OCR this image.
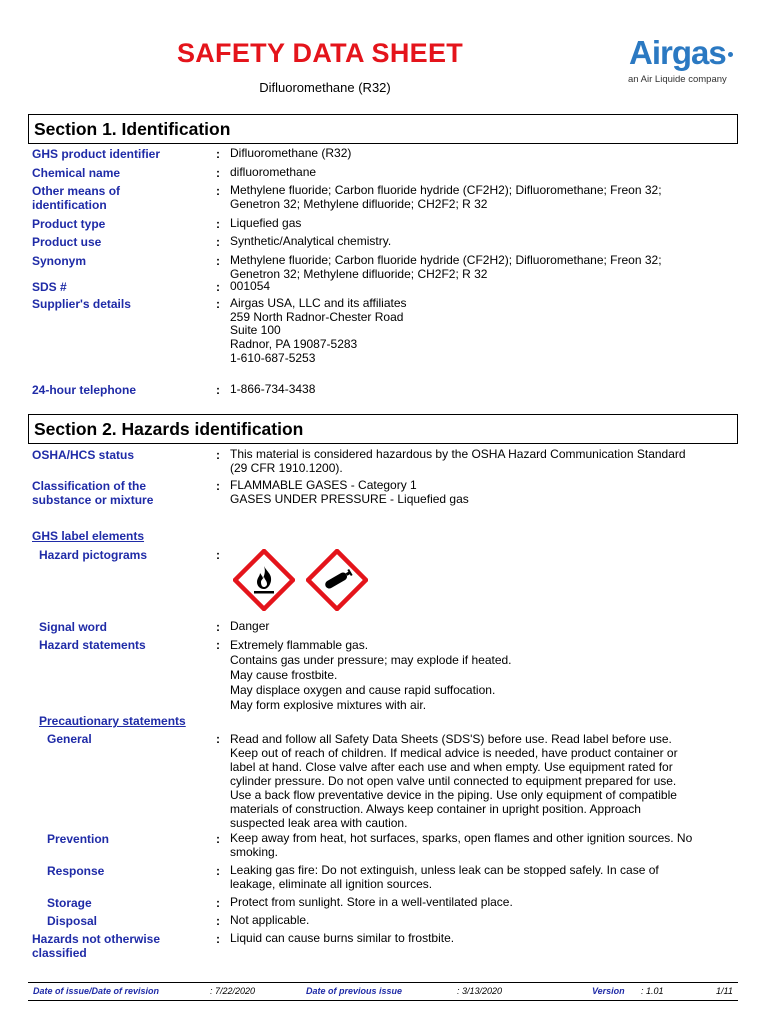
SAFETY DATA SHEET
Difluoromethane (R32)
Airgas
an Air Liquide company
Section 1. Identification
GHS product identifier	: Difluoromethane (R32)
Chemical name	: difluoromethane
Other means of
identification
: Methylene fluoride; Carbon fluoride hydride (CF2H2); Difluoromethane; Freon 32;
Genetron 32; Methylene difluoride; CH2F2; R 32
Product type	: Liquefied gas
Product use	: Synthetic/Analytical chemistry.
Synonym	: Methylene fluoride; Carbon fluoride hydride (CF2H2); Difluoromethane; Freon 32;
Genetron 32; Methylene difluoride; CH2F2; R 32
SDS #	: 001054
Supplier's details	: Airgas USA, LLC and its affiliates
259 North Radnor-Chester Road
Suite 100
Radnor, PA 19087-5283
1-610-687-5253
24-hour telephone	: 1-866-734-3438
Section 2. Hazards identification
OSHA/HCS status	: This material is considered hazardous by the OSHA Hazard Communication Standard
(29 CFR 1910.1200).
Classification of the
substance or mixture
: FLAMMABLE GASES - Category 1
GASES UNDER PRESSURE - Liquefied gas
GHS label elements
Hazard pictograms	:
Signal word	: Danger
Hazard statements	: Extremely flammable gas.
Contains gas under pressure; may explode if heated.
May cause frostbite.
May displace oxygen and cause rapid suffocation.
May form explosive mixtures with air.
Precautionary statements
General	: Read and follow all Safety Data Sheets (SDS'S) before use. Read label before use.
Keep out of reach of children. If medical advice is needed, have product container or
label at hand. Close valve after each use and when empty. Use equipment rated for
cylinder pressure. Do not open valve until connected to equipment prepared for use.
Use a back flow preventative device in the piping. Use only equipment of compatible
materials of construction. Always keep container in upright position. Approach
suspected leak area with caution.
Prevention	: Keep away from heat, hot surfaces, sparks, open flames and other ignition sources. No
smoking.
Response	: Leaking gas fire: Do not extinguish, unless leak can be stopped safely. In case of
leakage, eliminate all ignition sources.
Storage	: Protect from sunlight. Store in a well-ventilated place.
Disposal	: Not applicable.
Hazards not otherwise
classified
: Liquid can cause burns similar to frostbite.
Date of issue/Date of revision	: 7/22/2020	Date of previous issue	: 3/13/2020	Version : 1.01	1/11
